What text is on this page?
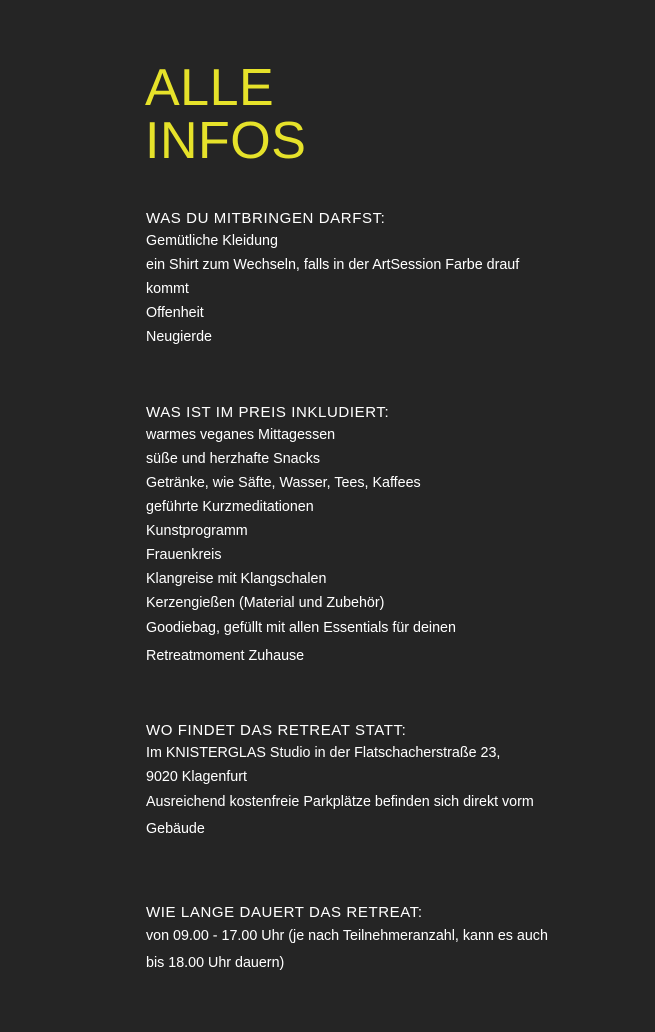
ALLE
INFOS
WAS DU MITBRINGEN DARFST:

Gemütliche Kleidung

ein Shirt zum Wechseln, falls in der ArtSession Farbe drauf

kommt

Offenheit

Neugierde

WAS IST IM PREIS INKLUDIERT:

warmes veganes Mittagessen

süße und herzhafte Snacks

Getränke, wie Säfte, Wasser, Tees, Kaffees

geführte Kurzmeditationen

Kunstprogramm

Frauenkreis

Klangreise mit Klangschalen

Kerzengießen (Material und Zubehör)

Goodiebag, gefüllt mit allen Essentials für deinen

Retreatmoment Zuhause

WO FINDET DAS RETREAT STATT:

Im KNISTERGLAS Studio in der Flatschacherstraße 23,

9020 Klagenfurt

Ausreichend kostenfreie Parkplätze befinden sich direkt vorm

Gebäude

WIE LANGE DAUERT DAS RETREAT:

von 09.00 - 17.00 Uhr (je nach Teilnehmeranzahl, kann es auch

bis 18.00 Uhr dauern)
